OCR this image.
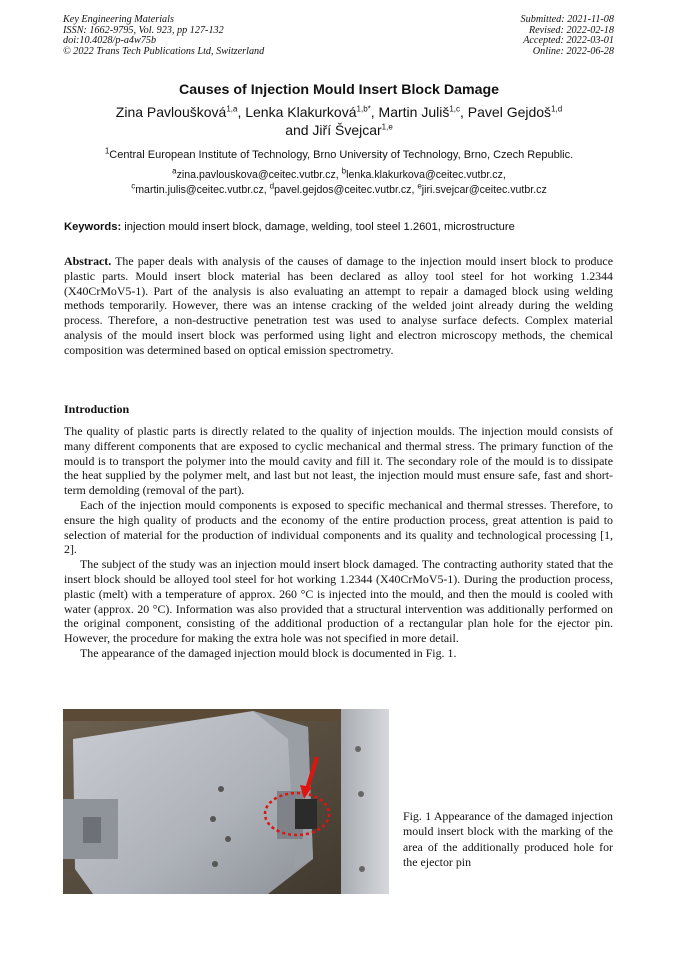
Key Engineering Materials
ISSN: 1662-9795, Vol. 923, pp 127-132
doi:10.4028/p-a4w75b
© 2022 Trans Tech Publications Ltd, Switzerland
Submitted: 2021-11-08
Revised: 2022-02-18
Accepted: 2022-03-01
Online: 2022-06-28
Causes of Injection Mould Insert Block Damage
Zina Pavloušková$^{1,a}$, Lenka Klakurková$^{1,b*}$, Martin Juliš$^{1,c}$, Pavel Gejdoš$^{1,d}$
and Jiří Švejcar$^{1,e}$
$^1$Central European Institute of Technology, Brno University of Technology, Brno, Czech Republic.
$^a$zina.pavlouskova@ceitec.vutbr.cz, $^b$lenka.klakurkova@ceitec.vutbr.cz,
$^c$martin.julis@ceitec.vutbr.cz, $^d$pavel.gejdos@ceitec.vutbr.cz, $^e$jiri.svejcar@ceitec.vutbr.cz
Keywords: injection mould insert block, damage, welding, tool steel 1.2601, microstructure
Abstract. The paper deals with analysis of the causes of damage to the injection mould insert block to produce plastic parts. Mould insert block material has been declared as alloy tool steel for hot working 1.2344 (X40CrMoV5-1). Part of the analysis is also evaluating an attempt to repair a damaged block using welding methods temporarily. However, there was an intense cracking of the welded joint already during the welding process. Therefore, a non-destructive penetration test was used to analyse surface defects. Complex material analysis of the mould insert block was performed using light and electron microscopy methods, the chemical composition was determined based on optical emission spectrometry.
Introduction

The quality of plastic parts is directly related to the quality of injection moulds. The injection mould consists of many different components that are exposed to cyclic mechanical and thermal stress. The primary function of the mould is to transport the polymer into the mould cavity and fill it. The secondary role of the mould is to dissipate the heat supplied by the polymer melt, and last but not least, the injection mould must ensure safe, fast and short-term demolding (removal of the part).

Each of the injection mould components is exposed to specific mechanical and thermal stresses. Therefore, to ensure the high quality of products and the economy of the entire production process, great attention is paid to selection of material for the production of individual components and its quality and technological processing [1, 2].

The subject of the study was an injection mould insert block damaged. The contracting authority stated that the insert block should be alloyed tool steel for hot working 1.2344 (X40CrMoV5-1). During the production process, plastic (melt) with a temperature of approx. 260 °C is injected into the mould, and then the mould is cooled with water (approx. 20 °C). Information was also provided that a structural intervention was additionally performed on the original component, consisting of the additional production of a rectangular plan hole for the ejector pin. However, the procedure for making the extra hole was not specified in more detail.

The appearance of the damaged injection mould block is documented in Fig. 1.

Fig. 1 Appearance of the damaged injection mould insert block with the marking of the area of the additionally produced hole for the ejector pin
